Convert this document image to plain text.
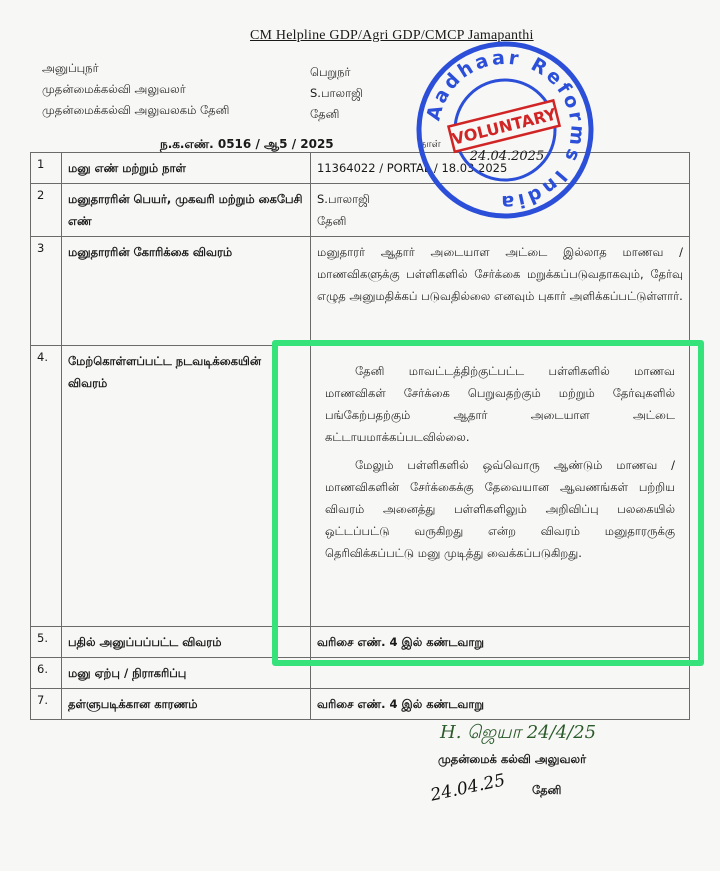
CM Helpline GDP/Agri GDP/CMCP Jamapanthi
அனுப்புநர்
முதன்மைக்கல்வி அலுவலர்
முதன்மைக்கல்வி அலுவலகம் தேனி
பெறுநர்
S.பாலாஜி
தேனி
ந.க.எண். 0516 / ஆ5 / 2025	நாள்
1	மனு எண் மற்றும் நாள்	11364022 / PORTAL / 18.03.2025
2	மனுதாரரின் பெயர், முகவரி மற்றும் கைபேசி எண்	S.பாலாஜி
தேனி

3	மனுதாரரின் கோரிக்கை விவரம்	மனுதாரர் ஆதார் அடையாள அட்டை இல்லாத மாணவ / மாணவிகளுக்கு பள்ளிகளில் சேர்க்கை மறுக்கப்படுவதாகவும், தேர்வு எழுத அனுமதிக்கப் படுவதில்லை எனவும் புகார் அளிக்கப்பட்டுள்ளார்.
4.	மேற்கொள்ளப்பட்ட நடவடிக்கையின் விவரம்	தேனி மாவட்டத்திற்குட்பட்ட பள்ளிகளில் மாணவ மாணவிகள் சேர்க்கை பெறுவதற்கும் மற்றும் தேர்வுகளில் பங்கேற்பதற்கும் ஆதார் அடையாள அட்டை கட்டாயமாக்கப்படவில்லை.
மேலும் பள்ளிகளில் ஒவ்வொரு ஆண்டும் மாணவ / மாணவிகளின் சேர்க்கைக்கு தேவையான ஆவணங்கள் பற்றிய விவரம் அனைத்து பள்ளிகளிலும் அறிவிப்பு பலகையில் ஒட்டப்பட்டு வருகிறது என்ற விவரம் மனுதாரருக்கு தெரிவிக்கப்பட்டு மனு முடித்து வைக்கப்படுகிறது.

5.	பதில் அனுப்பப்பட்ட விவரம்	வரிசை எண். 4 இல் கண்டவாறு
6.	மனு ஏற்பு / நிராகரிப்பு	
7.	தள்ளுபடிக்கான காரணம்	வரிசை எண். 4 இல் கண்டவாறு
Aadhaar Reforms India
VOLUNTARY
24.04.2025
H. ஜெயா 24/4/25
முதன்மைக் கல்வி அலுவலர்
24.04.25 தேனி
